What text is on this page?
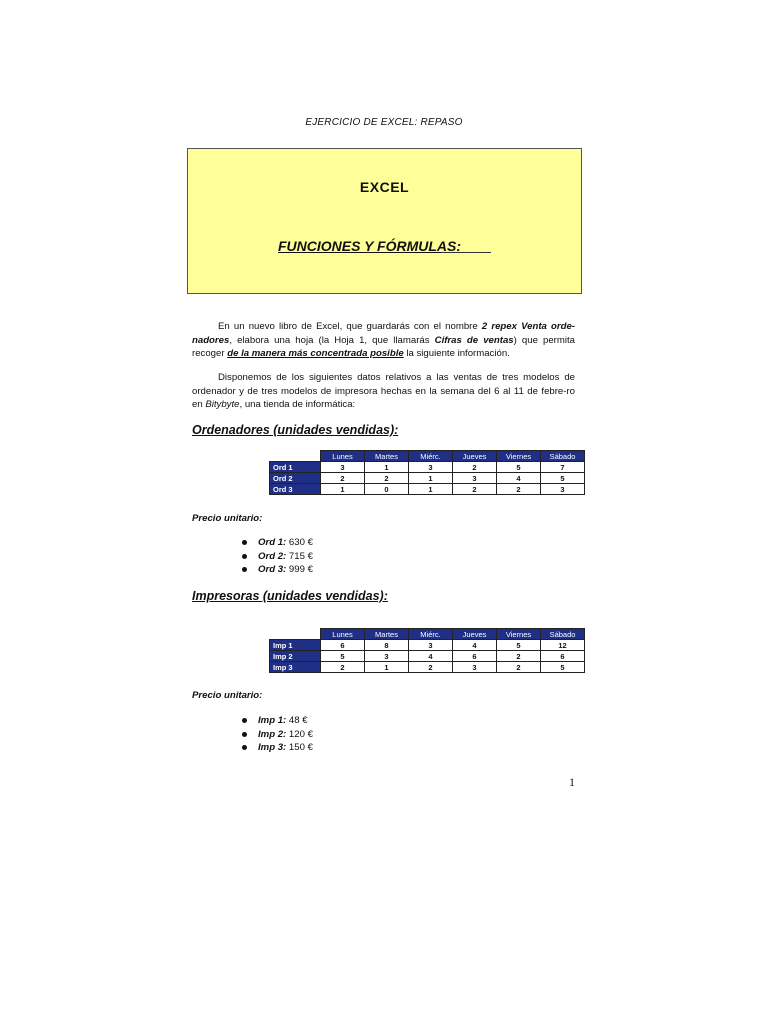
EJERCICIO DE EXCEL: REPASO
EXCEL
FUNCIONES Y FÓRMULAS:
En un nuevo libro de Excel, que guardarás con el nombre 2 repex Venta orde-nadores, elabora una hoja (la Hoja 1, que llamarás Cifras de ventas) que permita recoger de la manera más concentrada posible la siguiente información.
Disponemos de los siguientes datos relativos a las ventas de tres modelos de ordenador y de tres modelos de impresora hechas en la semana del 6 al 11 de febre-ro en Bitybyte, una tienda de informática:
Ordenadores (unidades vendidas):
	Lunes	Martes	Miérc.	Jueves	Viernes	Sábado
Ord 1	3	1	3	2	5	7
Ord 2	2	2	1	3	4	5
Ord 3	1	0	1	2	2	3
Precio unitario:
Ord 1: 630 €
Ord 2: 715 €
Ord 3: 999 €
Impresoras (unidades vendidas):
	Lunes	Martes	Miérc.	Jueves	Viernes	Sábado
Imp 1	6	8	3	4	5	12
Imp 2	5	3	4	6	2	6
Imp 3	2	1	2	3	2	5
Precio unitario:
Imp 1: 48 €
Imp 2: 120 €
Imp 3: 150 €
1
